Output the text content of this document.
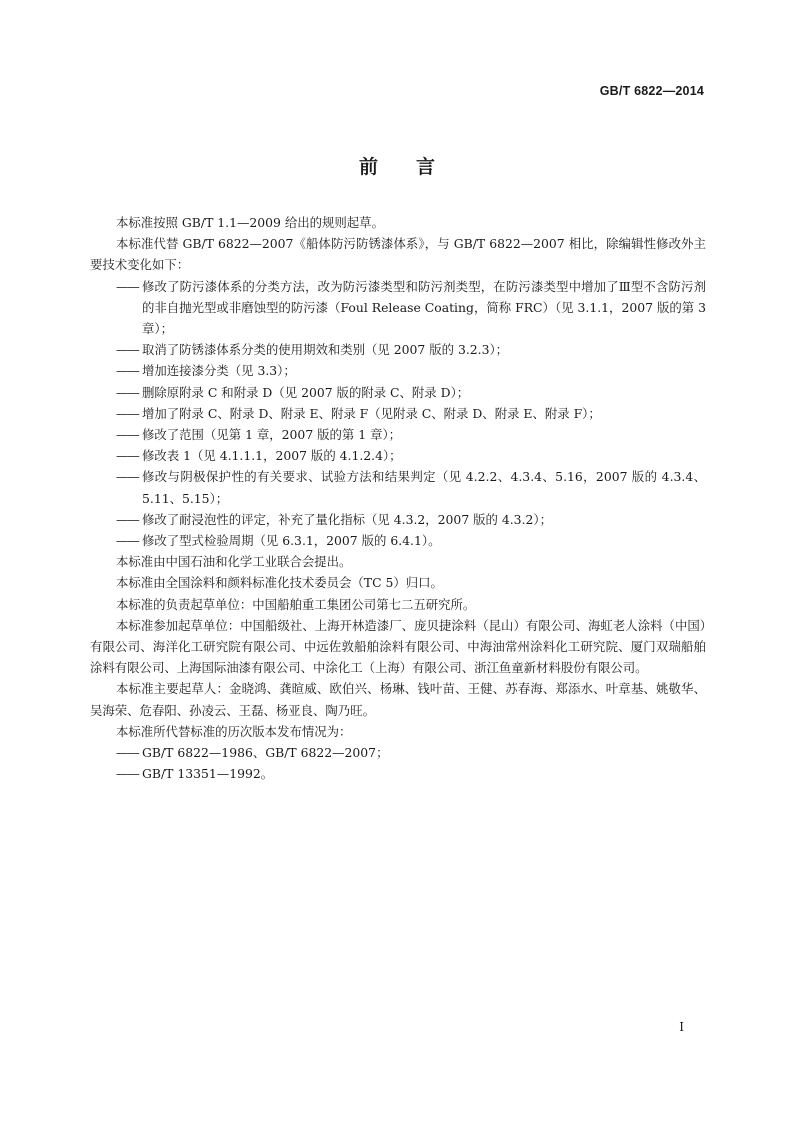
GB/T 6822—2014
前言

本标准按照 GB/T 1.1—2009 给出的规则起草。

本标准代替 GB/T 6822—2007《船体防污防锈漆体系》，与 GB/T 6822—2007 相比，除编辑性修改外主要技术变化如下：

—— 修改了防污漆体系的分类方法，改为防污漆类型和防污剂类型，在防污漆类型中增加了Ⅲ型不含防污剂的非自抛光型或非磨蚀型的防污漆（Foul Release Coating，简称 FRC）（见 3.1.1，2007 版的第 3 章）；

—— 取消了防锈漆体系分类的使用期效和类别（见 2007 版的 3.2.3）；

—— 增加连接漆分类（见 3.3）；

—— 删除原附录 C 和附录 D（见 2007 版的附录 C、附录 D）；

—— 增加了附录 C、附录 D、附录 E、附录 F（见附录 C、附录 D、附录 E、附录 F）；

—— 修改了范围（见第 1 章，2007 版的第 1 章）；

—— 修改表 1（见 4.1.1.1，2007 版的 4.1.2.4）；

—— 修改与阴极保护性的有关要求、试验方法和结果判定（见 4.2.2、4.3.4、5.16，2007 版的 4.3.4、5.11、5.15）；

—— 修改了耐浸泡性的评定，补充了量化指标（见 4.3.2，2007 版的 4.3.2）；

—— 修改了型式检验周期（见 6.3.1，2007 版的 6.4.1）。

本标准由中国石油和化学工业联合会提出。

本标准由全国涂料和颜料标准化技术委员会（TC 5）归口。

本标准的负责起草单位：中国船舶重工集团公司第七二五研究所。

本标准参加起草单位：中国船级社、上海开林造漆厂、庞贝捷涂料（昆山）有限公司、海虹老人涂料（中国）有限公司、海洋化工研究院有限公司、中远佐敦船舶涂料有限公司、中海油常州涂料化工研究院、厦门双瑞船舶涂料有限公司、上海国际油漆有限公司、中涂化工（上海）有限公司、浙江鱼童新材料股份有限公司。

本标准主要起草人：金晓鸿、龚暄威、欧伯兴、杨琳、钱叶苗、王健、苏春海、郑添水、叶章基、姚敬华、吴海荣、危春阳、孙凌云、王磊、杨亚良、陶乃旺。

本标准所代替标准的历次版本发布情况为：

—— GB/T 6822—1986、GB/T 6822—2007；

—— GB/T 13351—1992。

I
